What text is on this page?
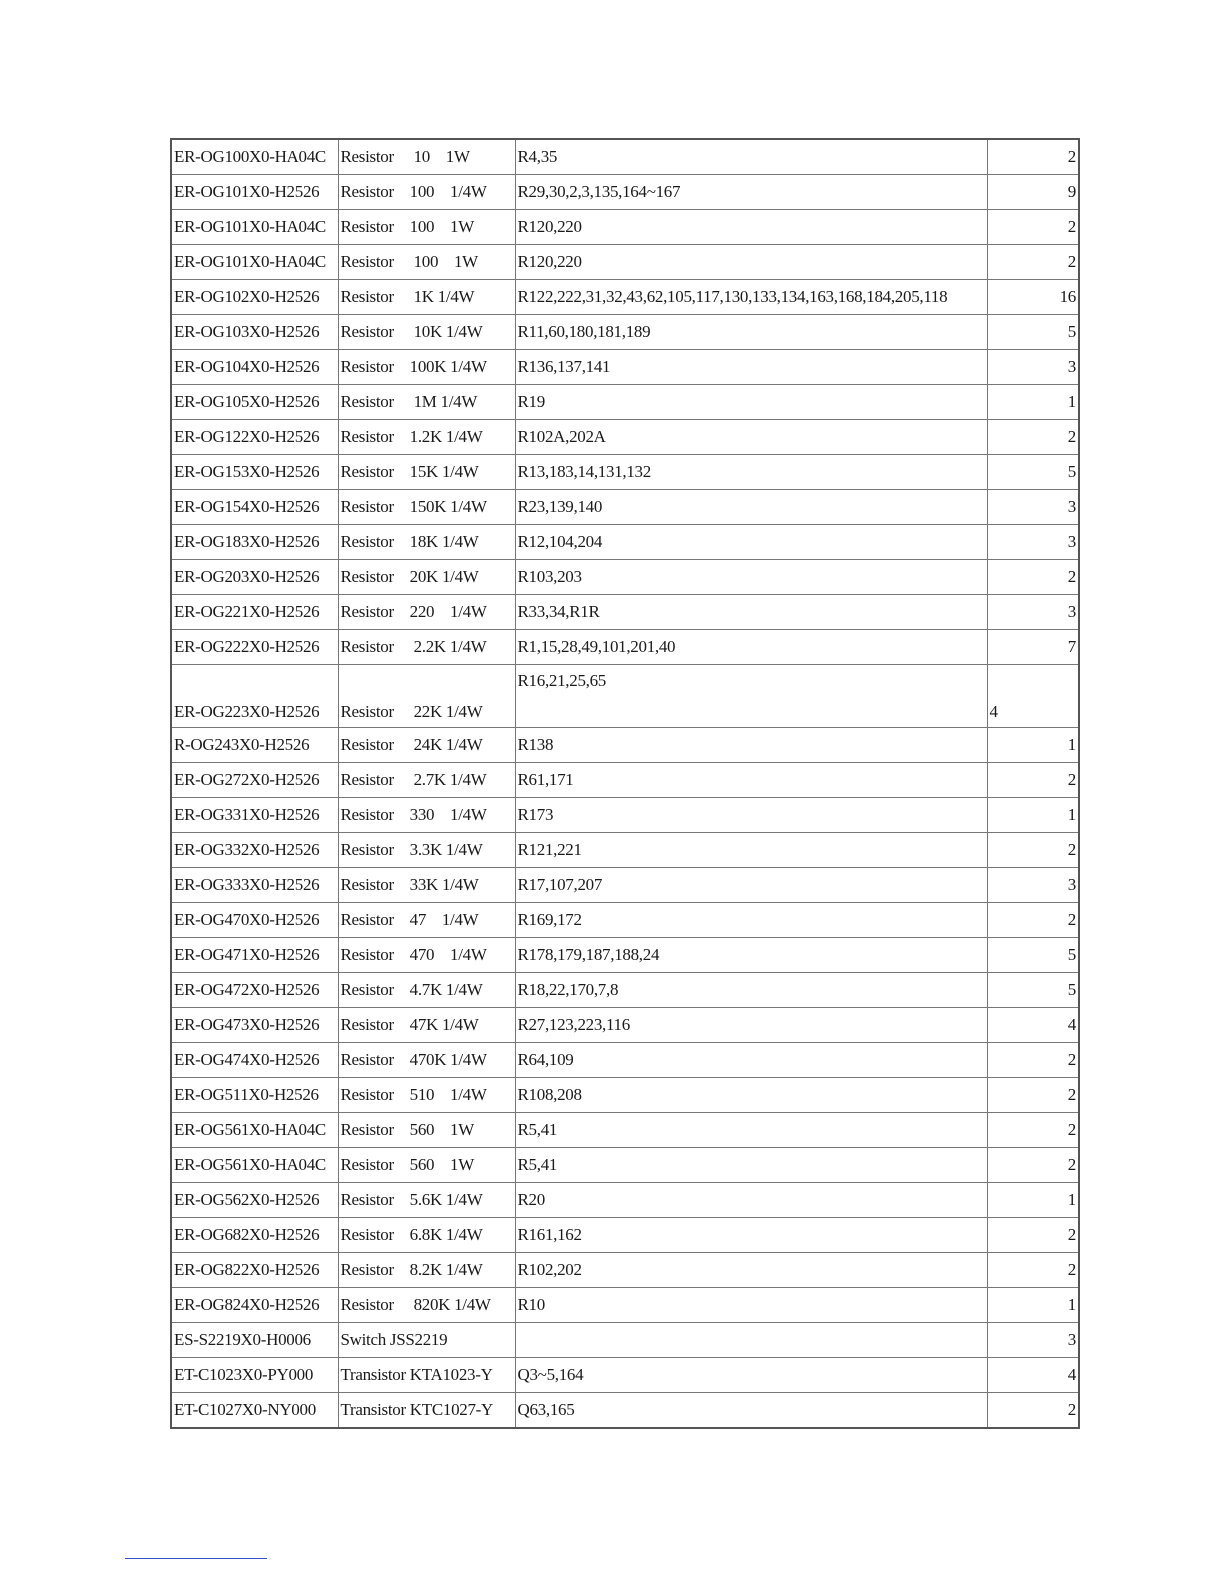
ER-OG100X0-HA04C	Resistor     10    1W	R4,35	2
ER-OG101X0-H2526	Resistor    100    1/4W	R29,30,2,3,135,164~167	9
ER-OG101X0-HA04C	Resistor    100    1W	R120,220	2
ER-OG101X0-HA04C	Resistor     100    1W	R120,220	2
ER-OG102X0-H2526	Resistor     1K 1/4W	R122,222,31,32,43,62,105,117,130,133,134,163,168,184,205,118	16
ER-OG103X0-H2526	Resistor     10K 1/4W	R11,60,180,181,189	5
ER-OG104X0-H2526	Resistor    100K 1/4W	R136,137,141	3
ER-OG105X0-H2526	Resistor     1M 1/4W	R19	1
ER-OG122X0-H2526	Resistor    1.2K 1/4W	R102A,202A	2
ER-OG153X0-H2526	Resistor    15K 1/4W	R13,183,14,131,132	5
ER-OG154X0-H2526	Resistor    150K 1/4W	R23,139,140	3
ER-OG183X0-H2526	Resistor    18K 1/4W	R12,104,204	3
ER-OG203X0-H2526	Resistor    20K 1/4W	R103,203	2
ER-OG221X0-H2526	Resistor    220    1/4W	R33,34,R1R	3
ER-OG222X0-H2526	Resistor     2.2K 1/4W	R1,15,28,49,101,201,40	7
ER-OG223X0-H2526	Resistor     22K 1/4W	R16,21,25,65	4
R-OG243X0-H2526	Resistor     24K 1/4W	R138	1
ER-OG272X0-H2526	Resistor     2.7K 1/4W	R61,171	2
ER-OG331X0-H2526	Resistor    330    1/4W	R173	1
ER-OG332X0-H2526	Resistor    3.3K 1/4W	R121,221	2
ER-OG333X0-H2526	Resistor    33K 1/4W	R17,107,207	3
ER-OG470X0-H2526	Resistor    47    1/4W	R169,172	2
ER-OG471X0-H2526	Resistor    470    1/4W	R178,179,187,188,24	5
ER-OG472X0-H2526	Resistor    4.7K 1/4W	R18,22,170,7,8	5
ER-OG473X0-H2526	Resistor    47K 1/4W	R27,123,223,116	4
ER-OG474X0-H2526	Resistor    470K 1/4W	R64,109	2
ER-OG511X0-H2526	Resistor    510    1/4W	R108,208	2
ER-OG561X0-HA04C	Resistor    560    1W	R5,41	2
ER-OG561X0-HA04C	Resistor    560    1W	R5,41	2
ER-OG562X0-H2526	Resistor    5.6K 1/4W	R20	1
ER-OG682X0-H2526	Resistor    6.8K 1/4W	R161,162	2
ER-OG822X0-H2526	Resistor    8.2K 1/4W	R102,202	2
ER-OG824X0-H2526	Resistor     820K 1/4W	R10	1
ES-S2219X0-H0006	Switch JSS2219		3
ET-C1023X0-PY000	Transistor KTA1023-Y	Q3~5,164	4
ET-C1027X0-NY000	Transistor KTC1027-Y	Q63,165	2
